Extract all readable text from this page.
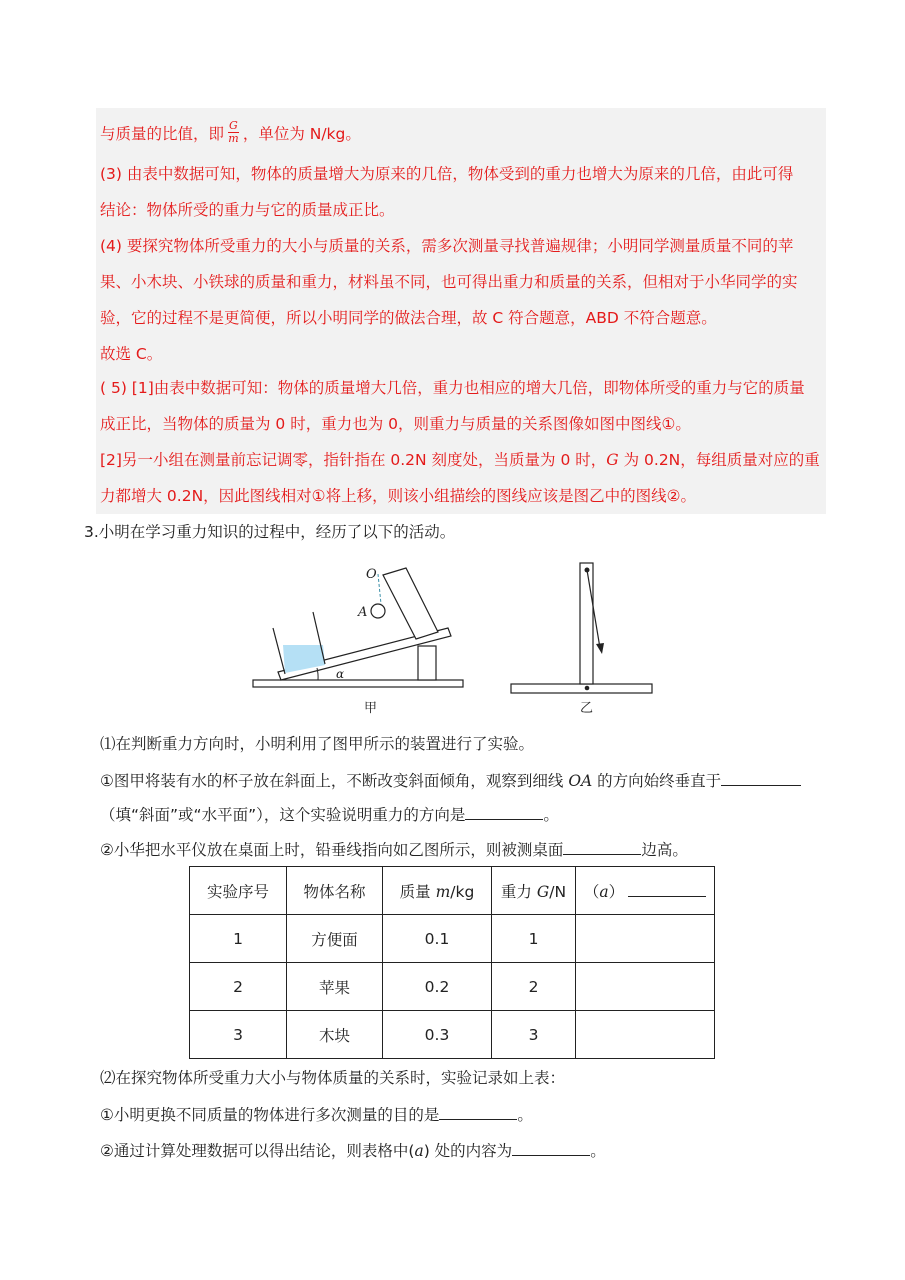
与质量的比值，即 $\frac{G}{m}$ ，单位为 N/kg。
(3) 由表中数据可知，物体的质量增大为原来的几倍，物体受到的重力也增大为原来的几倍，由此可得
结论：物体所受的重力与它的质量成正比。
(4) 要探究物体所受重力的大小与质量的关系，需多次测量寻找普遍规律；小明同学测量质量不同的苹
果、小木块、小铁球的质量和重力，材料虽不同，也可得出重力和质量的关系，但相对于小华同学的实
验，它的过程不是更简便，所以小明同学的做法合理，故 C 符合题意，ABD 不符合题意。
故选 C。
( 5) [1]由表中数据可知：物体的质量增大几倍，重力也相应的增大几倍，即物体所受的重力与它的质量
成正比，当物体的质量为 0 时，重力也为 0，则重力与质量的关系图像如图中图线①。
[2]另一小组在测量前忘记调零，指针指在 0.2N 刻度处，当质量为 0 时，G 为 0.2N，每组质量对应的重
力都增大 0.2N，因此图线相对①将上移，则该小组描绘的图线应该是图乙中的图线②。
3.小明在学习重力知识的过程中，经历了以下的活动。
α
O
A
甲	乙
⑴在判断重力方向时，小明利用了图甲所示的装置进行了实验。
①图甲将装有水的杯子放在斜面上，不断改变斜面倾角，观察到细线 OA 的方向始终垂直于
（填“斜面”或“水平面”），这个实验说明重力的方向是	。
②小华把水平仪放在桌面上时，铅垂线指向如乙图所示，则被测桌面	边高。
实验序号	物体名称	质量 m/kg	重力 G/N	（a）
1	方便面	0.1	1	
2	苹果	0.2	2	
3	木块	0.3	3	
⑵在探究物体所受重力大小与物体质量的关系时，实验记录如上表：
①小明更换不同质量的物体进行多次测量的目的是	。
②通过计算处理数据可以得出结论，则表格中(a) 处的内容为	。
